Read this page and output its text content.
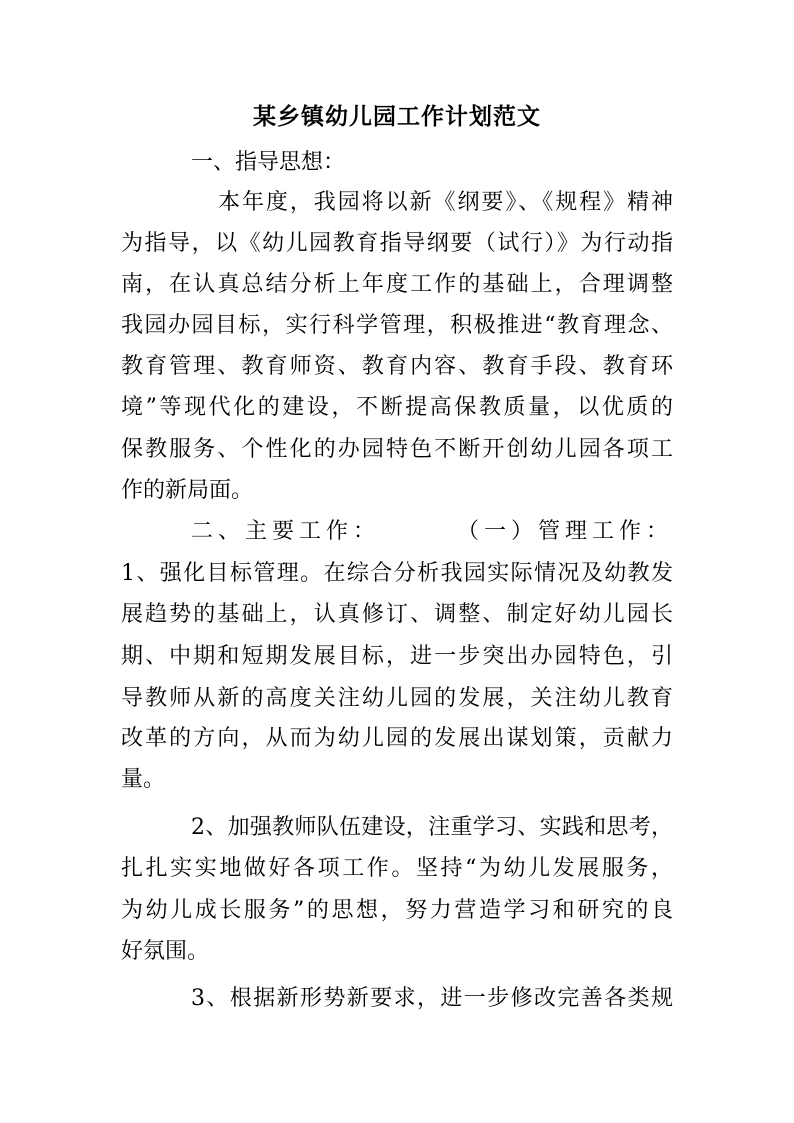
某乡镇幼儿园工作计划范文

一、指导思想：

本年度，我园将以新《纲要》、《规程》精神

为指导，以《幼儿园教育指导纲要（试行）》为行动指

南，在认真总结分析上年度工作的基础上，合理调整

我园办园目标，实行科学管理，积极推进“教育理念、

教育管理、教育师资、教育内容、教育手段、教育环

境”等现代化的建设，不断提高保教质量，以优质的

保教服务、个性化的办园特色不断开创幼儿园各项工

作的新局面。

二、主要工作：	（一）管理工作：

1、强化目标管理。在综合分析我园实际情况及幼教发

展趋势的基础上，认真修订、调整、制定好幼儿园长

期、中期和短期发展目标，进一步突出办园特色，引

导教师从新的高度关注幼儿园的发展，关注幼儿教育

改革的方向，从而为幼儿园的发展出谋划策，贡献力

量。

2、加强教师队伍建设，注重学习、实践和思考，

扎扎实实地做好各项工作。坚持“为幼儿发展服务，

为幼儿成长服务”的思想，努力营造学习和研究的良

好氛围。

3、根据新形势新要求，进一步修改完善各类规
